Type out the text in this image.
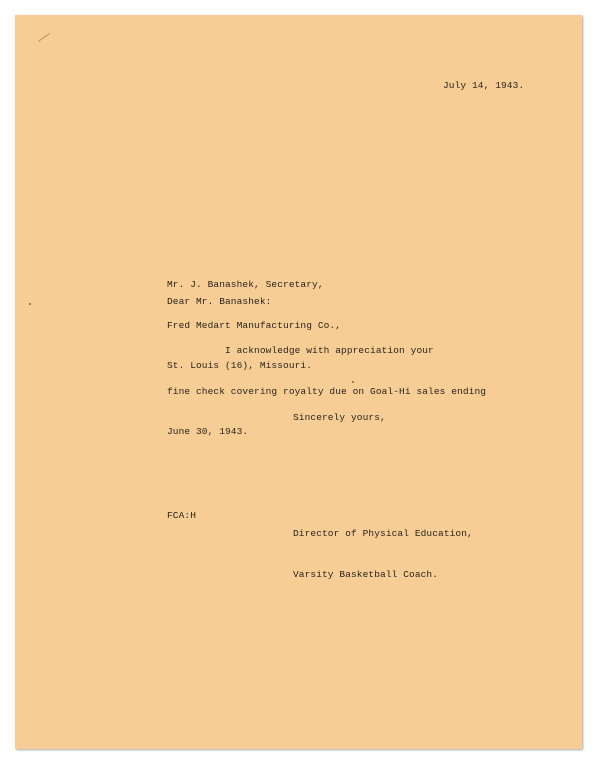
July 14, 1943.

Mr. J. Banashek, Secretary,

Fred Medart Manufacturing Co.,

St. Louis (16), Missouri.

Dear Mr. Banashek:

I acknowledge with appreciation your

fine check covering royalty due on Goal-Hi sales ending

June 30, 1943.

Sincerely yours,

Director of Physical Education,

Varsity Basketball Coach.

FCA:H
